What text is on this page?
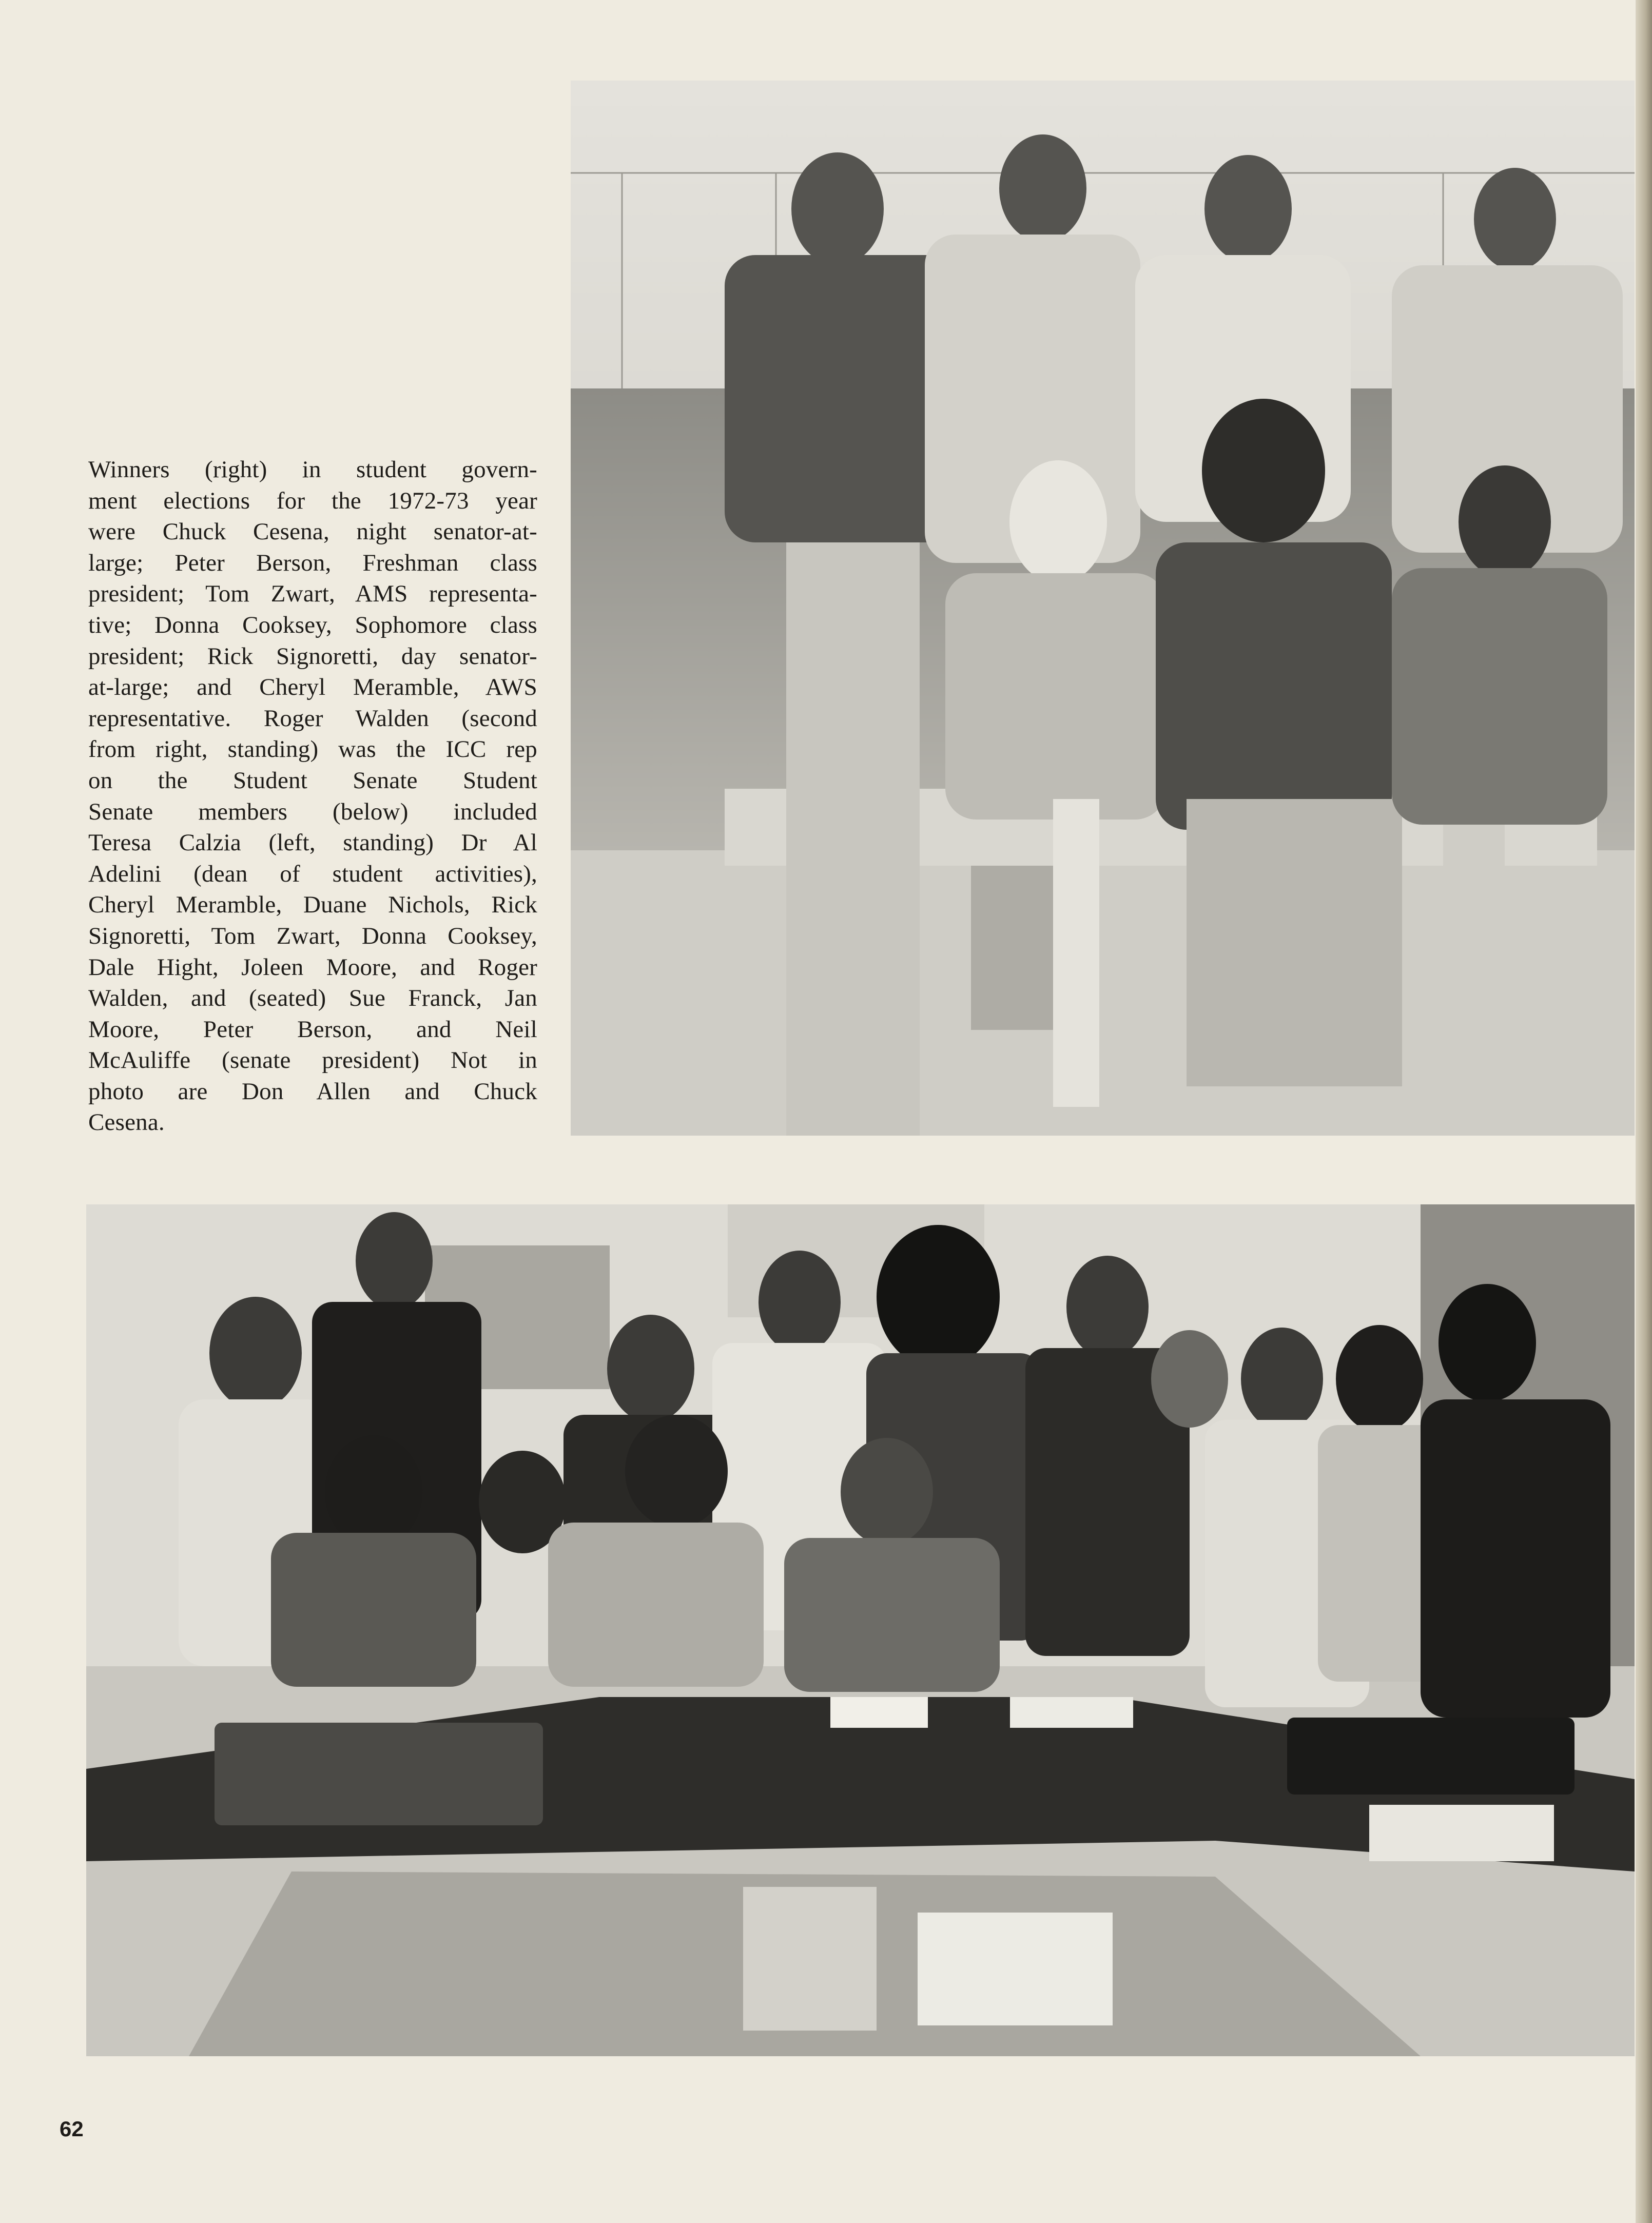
Winners (right) in student govern-
ment elections for the 1972-73 year
were Chuck Cesena, night senator-at-
large; Peter Berson, Freshman class
president; Tom Zwart, AMS representa-
tive; Donna Cooksey, Sophomore class
president; Rick Signoretti, day senator-
at-large; and Cheryl Meramble, AWS
representative. Roger Walden (second
from right, standing) was the ICC rep
on the Student Senate Student
Senate members (below) included
Teresa Calzia (left, standing) Dr Al
Adelini (dean of student activities),
Cheryl Meramble, Duane Nichols, Rick
Signoretti, Tom Zwart, Donna Cooksey,
Dale Hight, Joleen Moore, and Roger
Walden, and (seated) Sue Franck, Jan
Moore, Peter Berson, and Neil
McAuliffe (senate president) Not in
photo are Don Allen and Chuck
Cesena.
62
